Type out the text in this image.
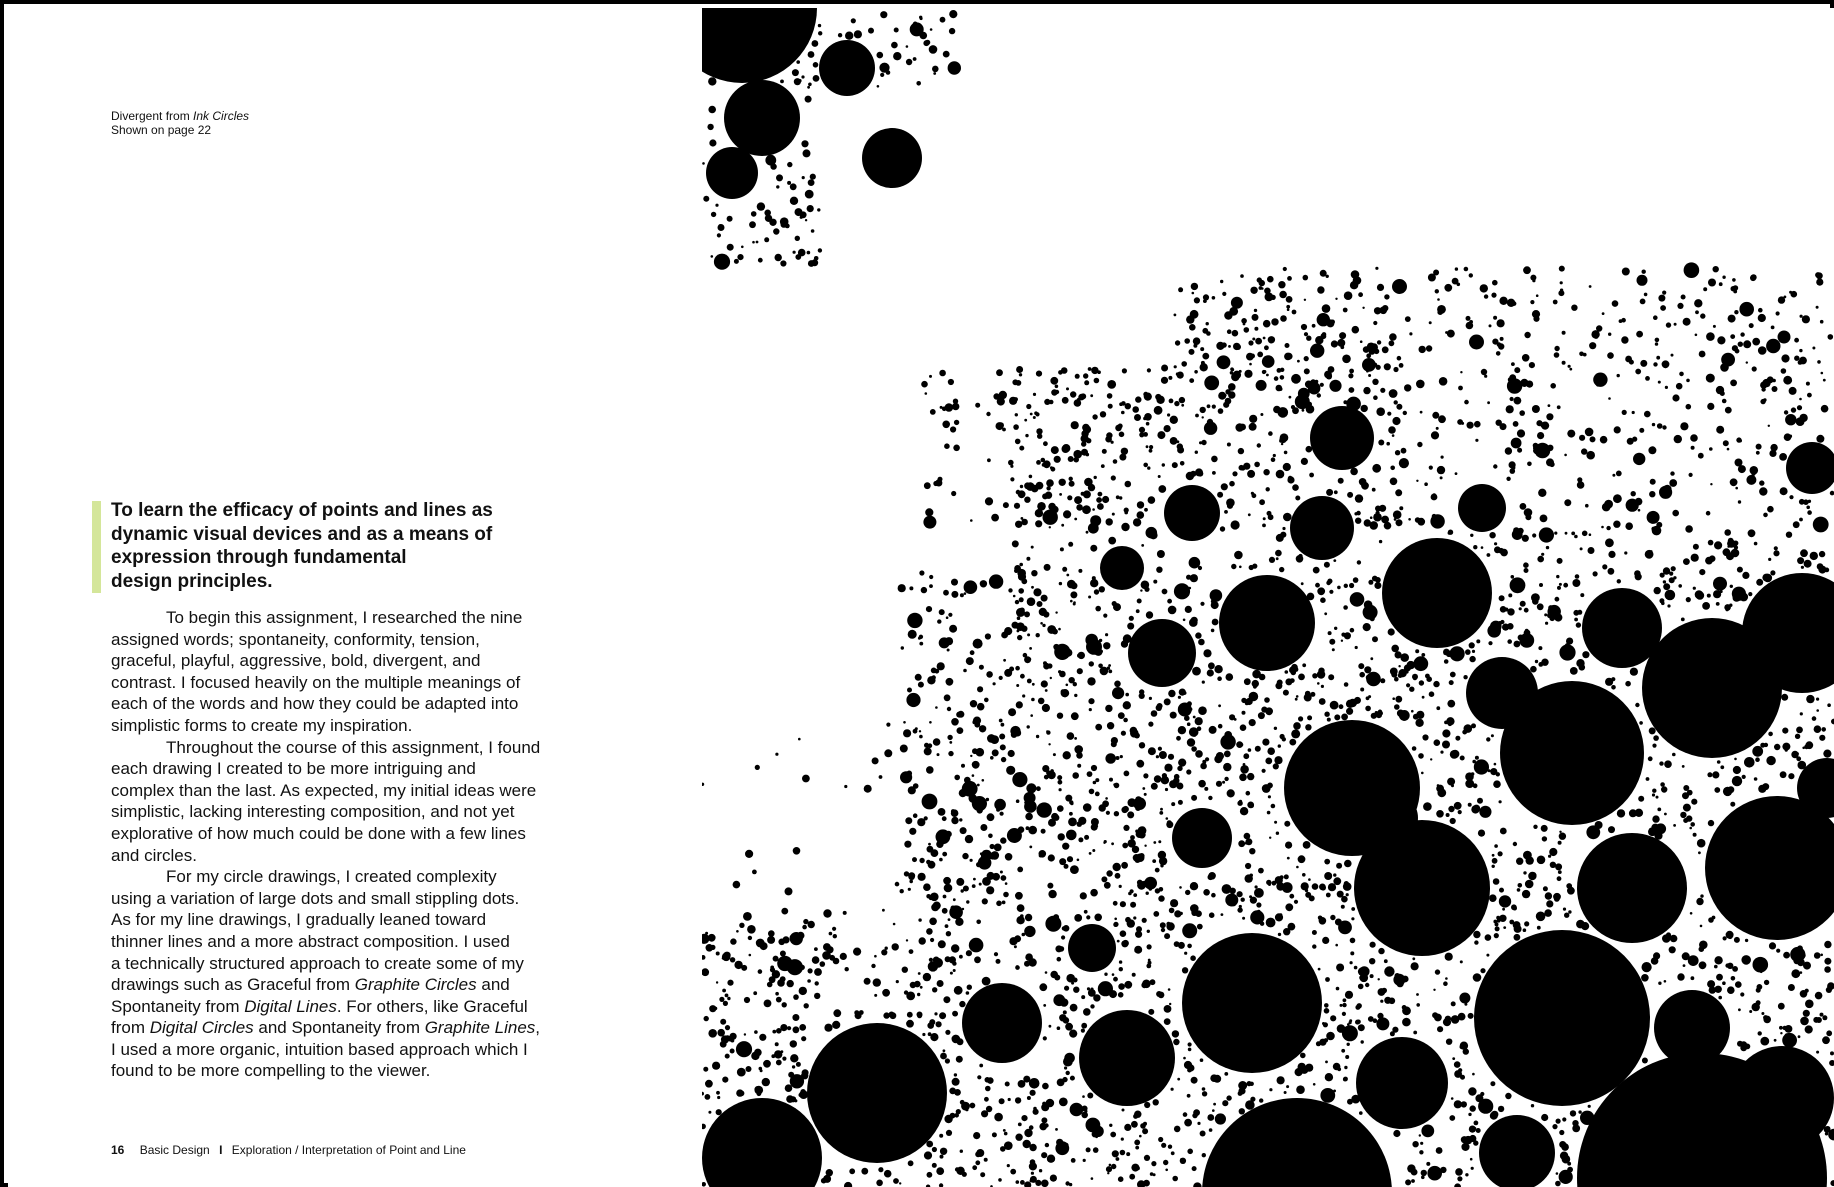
Divergent from Ink Circles
Shown on page 22
To learn the efficacy of points and lines as
dynamic visual devices and as a means of
expression through fundamental
design principles.

To begin this assignment, I researched the nine
assigned words; spontaneity, conformity, tension,
graceful, playful, aggressive, bold, divergent, and
contrast. I focused heavily on the multiple meanings of
each of the words and how they could be adapted into
simplistic forms to create my inspiration.

Throughout the course of this assignment, I found
each drawing I created to be more intriguing and
complex than the last. As expected, my initial ideas were
simplistic, lacking interesting composition, and not yet
explorative of how much could be done with a few lines
and circles.

For my circle drawings, I created complexity
using a variation of large dots and small stippling dots.
As for my line drawings, I gradually leaned toward
thinner lines and a more abstract composition. I used
a technically structured approach to create some of my
drawings such as Graceful from Graphite Circles and
Spontaneity from Digital Lines. For others, like Graceful
from Digital Circles and Spontaneity from Graphite Lines,
I used a more organic, intuition based approach which I
found to be more compelling to the viewer.

16 Basic Design I Exploration / Interpretation of Point and Line
